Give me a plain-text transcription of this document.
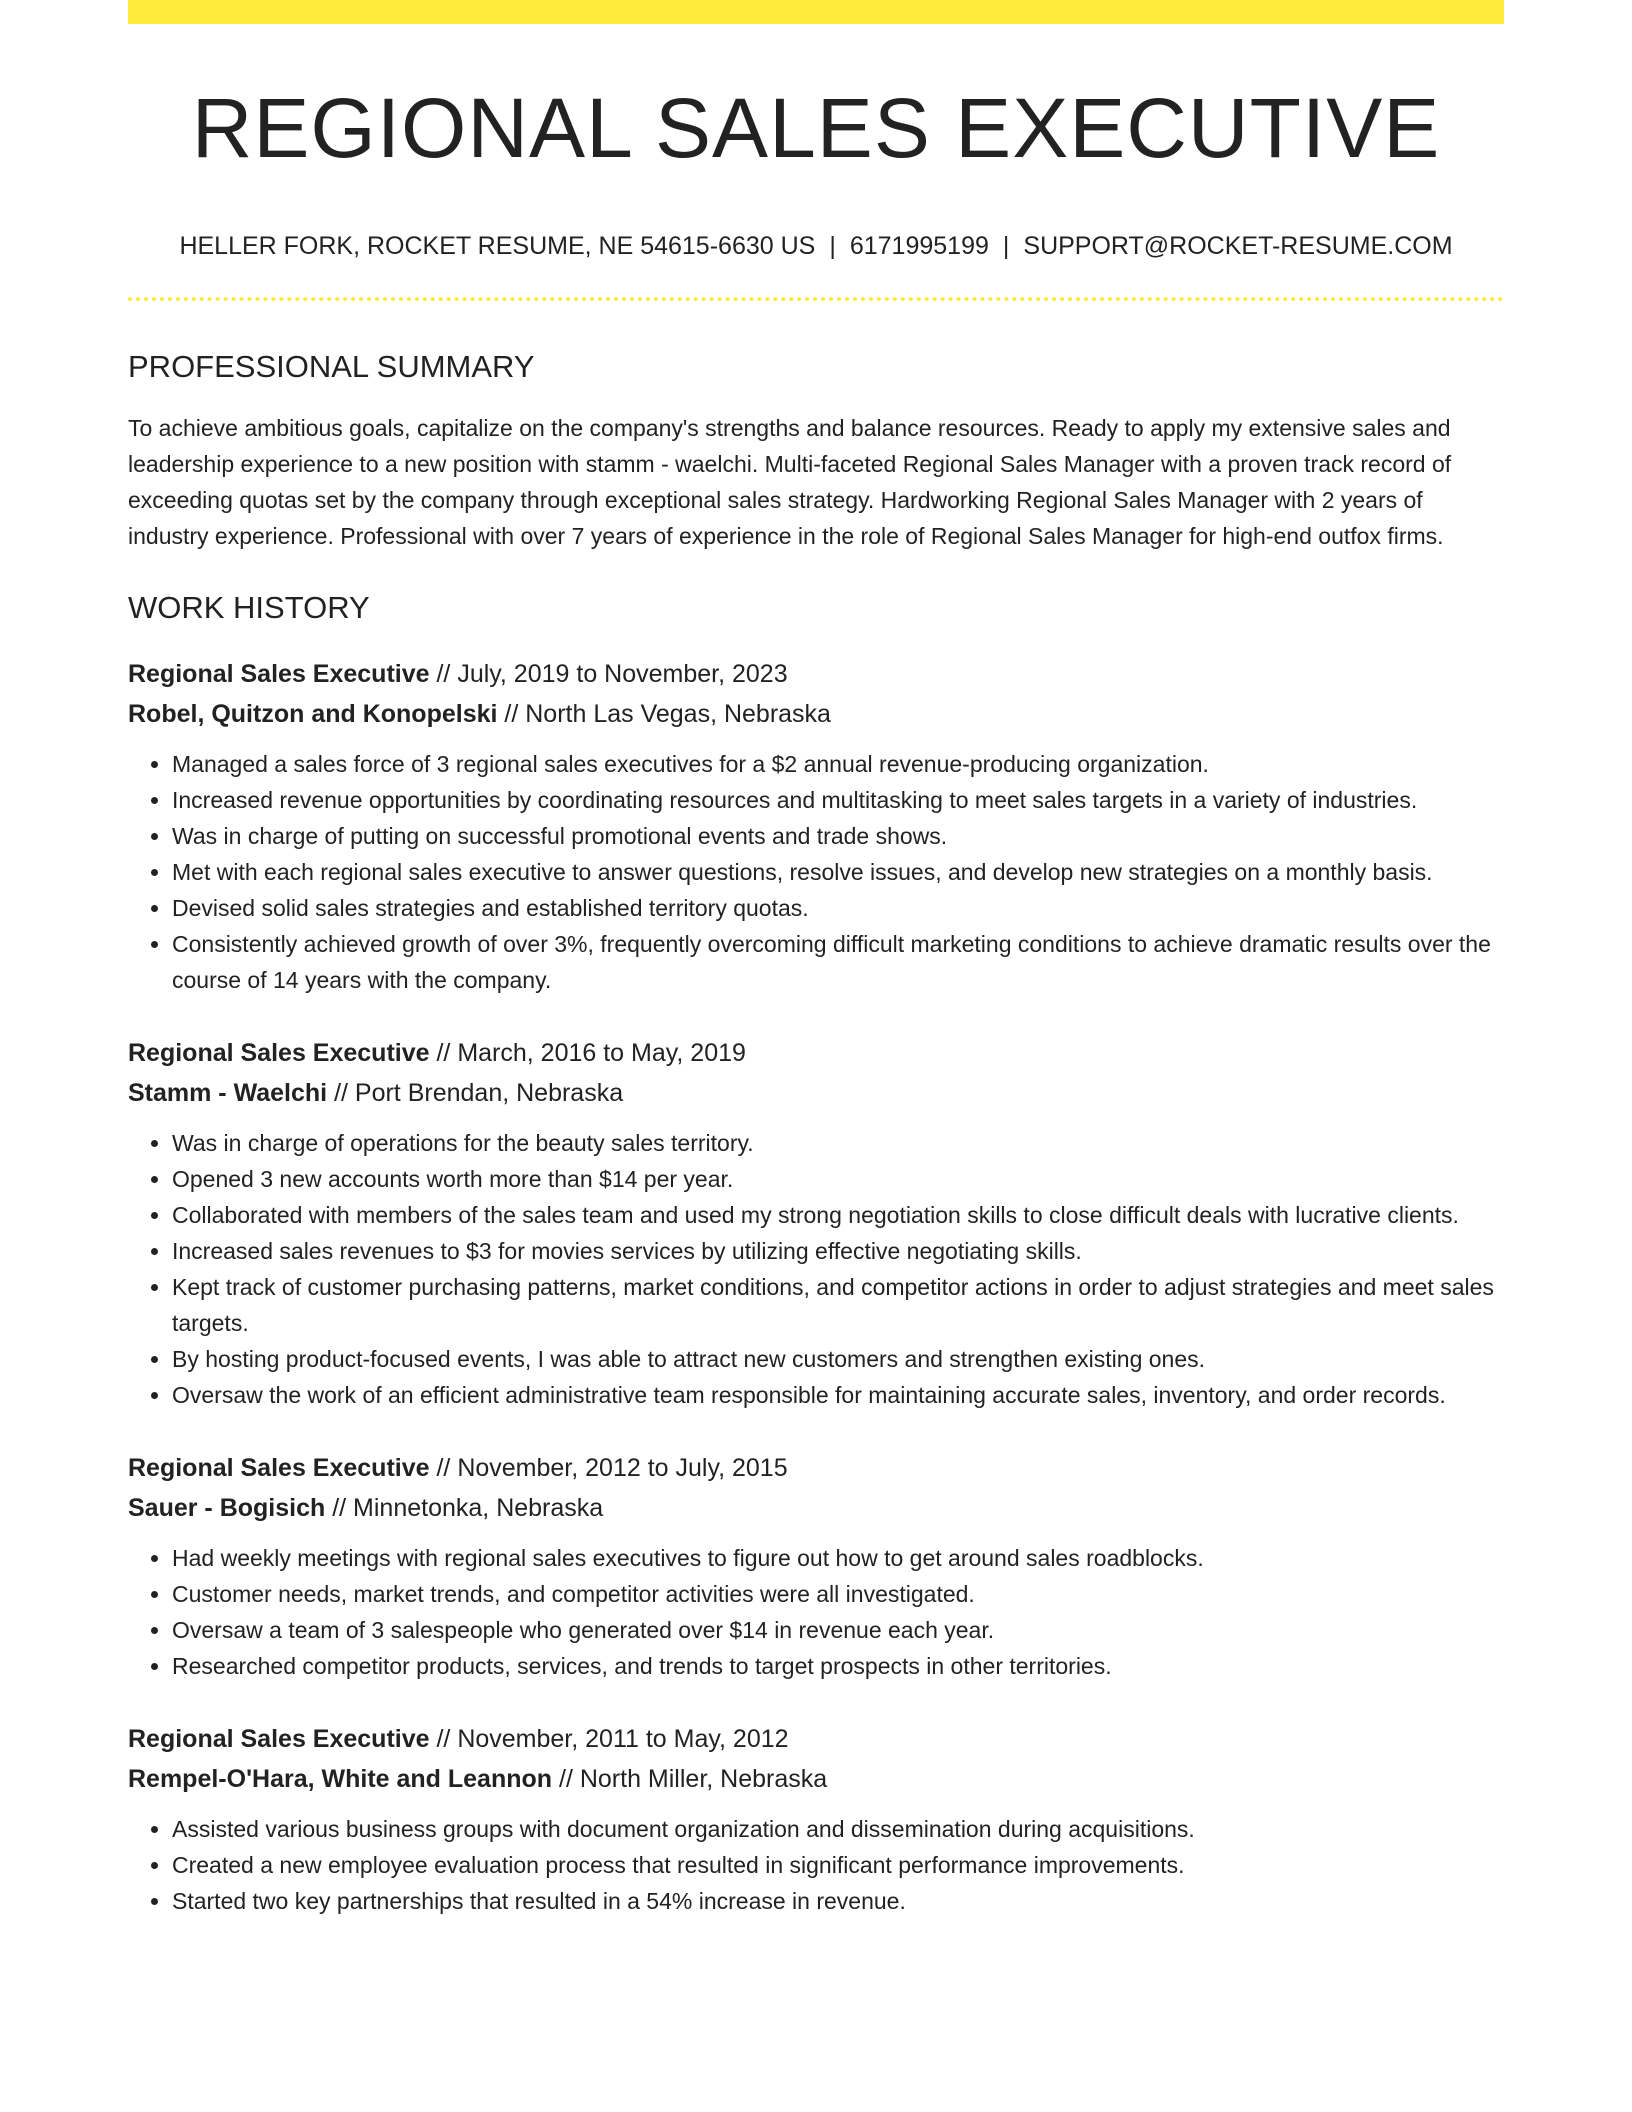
REGIONAL SALES EXECUTIVE
HELLER FORK, ROCKET RESUME, NE 54615-6630 US | 6171995199 | SUPPORT@ROCKET-RESUME.COM
PROFESSIONAL SUMMARY

To achieve ambitious goals, capitalize on the company's strengths and balance resources. Ready to apply my extensive sales and leadership experience to a new position with stamm - waelchi. Multi-faceted Regional Sales Manager with a proven track record of exceeding quotas set by the company through exceptional sales strategy. Hardworking Regional Sales Manager with 2 years of industry experience. Professional with over 7 years of experience in the role of Regional Sales Manager for high-end outfox firms.

WORK HISTORY
Regional Sales Executive // July, 2019 to November, 2023
Robel, Quitzon and Konopelski // North Las Vegas, Nebraska
• Managed a sales force of 3 regional sales executives for a $2 annual revenue-producing organization.
• Increased revenue opportunities by coordinating resources and multitasking to meet sales targets in a variety of industries.
• Was in charge of putting on successful promotional events and trade shows.
• Met with each regional sales executive to answer questions, resolve issues, and develop new strategies on a monthly basis.
• Devised solid sales strategies and established territory quotas.
• Consistently achieved growth of over 3%, frequently overcoming difficult marketing conditions to achieve dramatic results over the course of 14 years with the company.
Regional Sales Executive // March, 2016 to May, 2019
Stamm - Waelchi // Port Brendan, Nebraska
• Was in charge of operations for the beauty sales territory.
• Opened 3 new accounts worth more than $14 per year.
• Collaborated with members of the sales team and used my strong negotiation skills to close difficult deals with lucrative clients.
• Increased sales revenues to $3 for movies services by utilizing effective negotiating skills.
• Kept track of customer purchasing patterns, market conditions, and competitor actions in order to adjust strategies and meet sales targets.
• By hosting product-focused events, I was able to attract new customers and strengthen existing ones.
• Oversaw the work of an efficient administrative team responsible for maintaining accurate sales, inventory, and order records.
Regional Sales Executive // November, 2012 to July, 2015
Sauer - Bogisich // Minnetonka, Nebraska
• Had weekly meetings with regional sales executives to figure out how to get around sales roadblocks.
• Customer needs, market trends, and competitor activities were all investigated.
• Oversaw a team of 3 salespeople who generated over $14 in revenue each year.
• Researched competitor products, services, and trends to target prospects in other territories.
Regional Sales Executive // November, 2011 to May, 2012
Rempel-O'Hara, White and Leannon // North Miller, Nebraska
• Assisted various business groups with document organization and dissemination during acquisitions.
• Created a new employee evaluation process that resulted in significant performance improvements.
• Started two key partnerships that resulted in a 54% increase in revenue.
